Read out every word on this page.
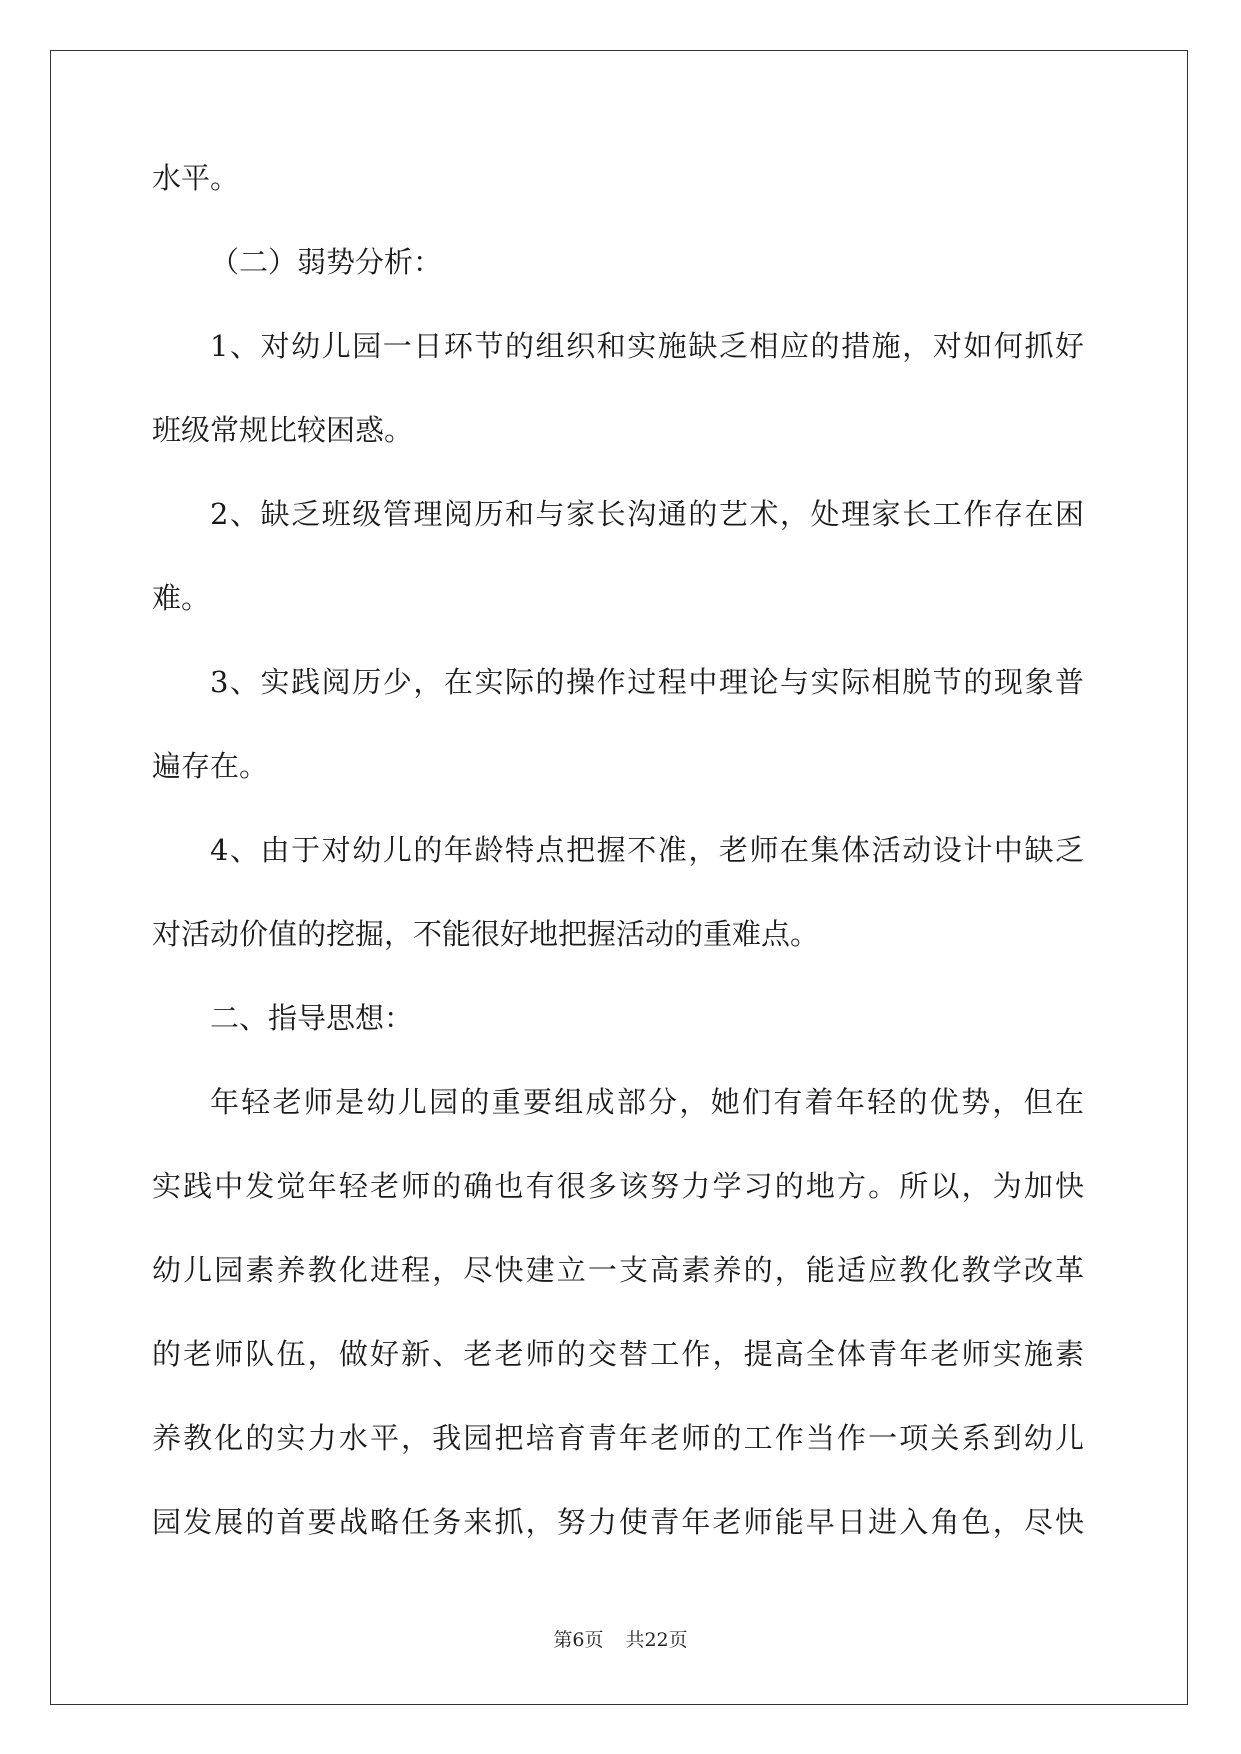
水平。
（二）弱势分析：
1、对幼儿园一日环节的组织和实施缺乏相应的措施，对如何抓好
班级常规比较困惑。
2、缺乏班级管理阅历和与家长沟通的艺术，处理家长工作存在困
难。
3、实践阅历少，在实际的操作过程中理论与实际相脱节的现象普
遍存在。
4、由于对幼儿的年龄特点把握不准，老师在集体活动设计中缺乏
对活动价值的挖掘，不能很好地把握活动的重难点。
二、指导思想：
年轻老师是幼儿园的重要组成部分，她们有着年轻的优势，但在
实践中发觉年轻老师的确也有很多该努力学习的地方。所以，为加快
幼儿园素养教化进程，尽快建立一支高素养的，能适应教化教学改革
的老师队伍，做好新、老老师的交替工作，提高全体青年老师实施素
养教化的实力水平，我园把培育青年老师的工作当作一项关系到幼儿
园发展的首要战略任务来抓，努力使青年老师能早日进入角色，尽快
第6页 共22页
